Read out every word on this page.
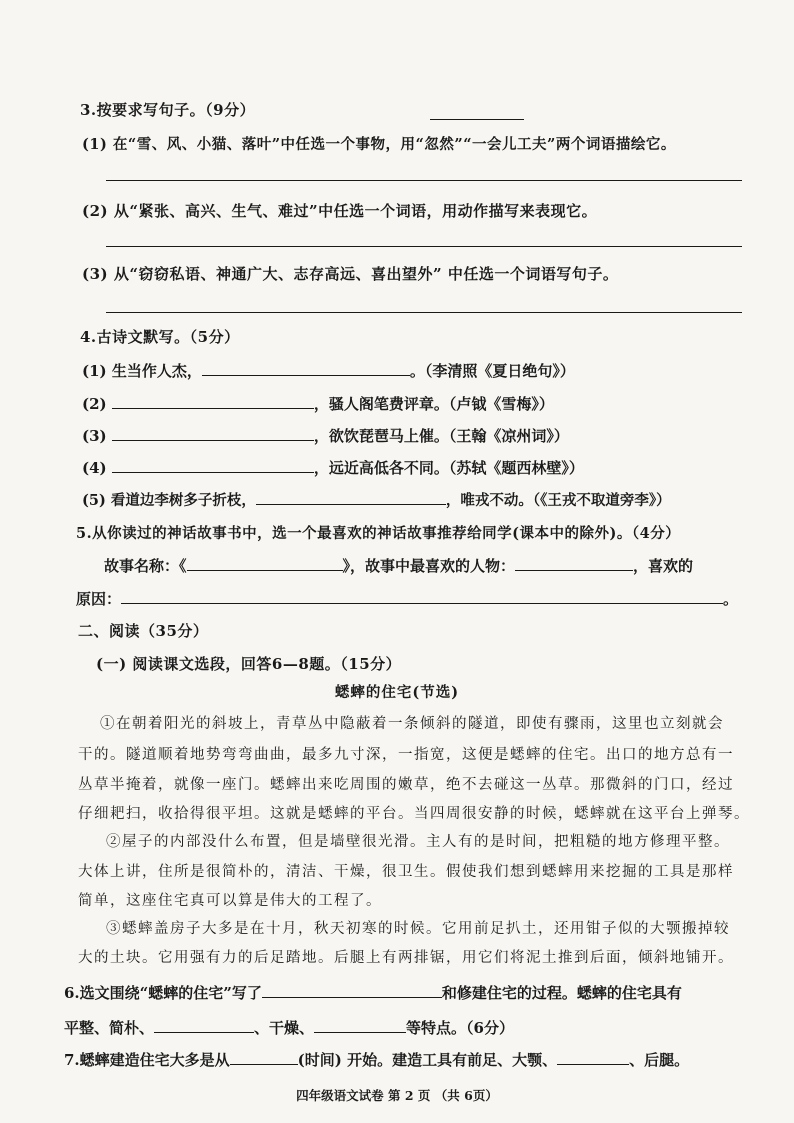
3.按要求写句子。（9分）
(1) 在“雪、风、小猫、落叶”中任选一个事物，用“忽然”“一会儿工夫”两个词语描绘它。
(2) 从“紧张、高兴、生气、难过”中任选一个词语，用动作描写来表现它。
(3) 从“窃窃私语、神通广大、志存高远、喜出望外” 中任选一个词语写句子。
4.古诗文默写。（5分）
(1) 生当作人杰，	。（李清照《夏日绝句》）
(2)	，骚人阁笔费评章。（卢钺《雪梅》）
(3)	，欲饮琵琶马上催。（王翰《凉州词》）
(4)	，远近高低各不同。（苏轼《题西林壁》）
(5) 看道边李树多子折枝，	，唯戎不动。（《王戎不取道旁李》）
5.从你读过的神话故事书中，选一个最喜欢的神话故事推荐给同学(课本中的除外)。（4分）
故事名称：《	》，故事中最喜欢的人物：	，喜欢的
原因：	。
二、阅读（35分）
(一) 阅读课文选段，回答6—8题。（15分）
蟋蟀的住宅(节选)
①在朝着阳光的斜坡上，青草丛中隐蔽着一条倾斜的隧道，即使有骤雨，这里也立刻就会
干的。隧道顺着地势弯弯曲曲，最多九寸深，一指宽，这便是蟋蟀的住宅。出口的地方总有一
丛草半掩着，就像一座门。蟋蟀出来吃周围的嫩草，绝不去碰这一丛草。那微斜的门口，经过
仔细耙扫，收拾得很平坦。这就是蟋蟀的平台。当四周很安静的时候，蟋蟀就在这平台上弹琴。
②屋子的内部没什么布置，但是墙壁很光滑。主人有的是时间，把粗糙的地方修理平整。
大体上讲，住所是很简朴的，清洁、干燥，很卫生。假使我们想到蟋蟀用来挖掘的工具是那样
简单，这座住宅真可以算是伟大的工程了。
③蟋蟀盖房子大多是在十月，秋天初寒的时候。它用前足扒土，还用钳子似的大颚搬掉较
大的土块。它用强有力的后足踏地。后腿上有两排锯，用它们将泥土推到后面，倾斜地铺开。
6.选文围绕“蟋蟀的住宅”写了	和修建住宅的过程。蟋蟀的住宅具有
平整、简朴、	、干燥、	等特点。（6分）
7.蟋蟀建造住宅大多是从	(时间) 开始。建造工具有前足、大颚、	、后腿。
四年级语文试卷 第 2 页 （共 6页）
